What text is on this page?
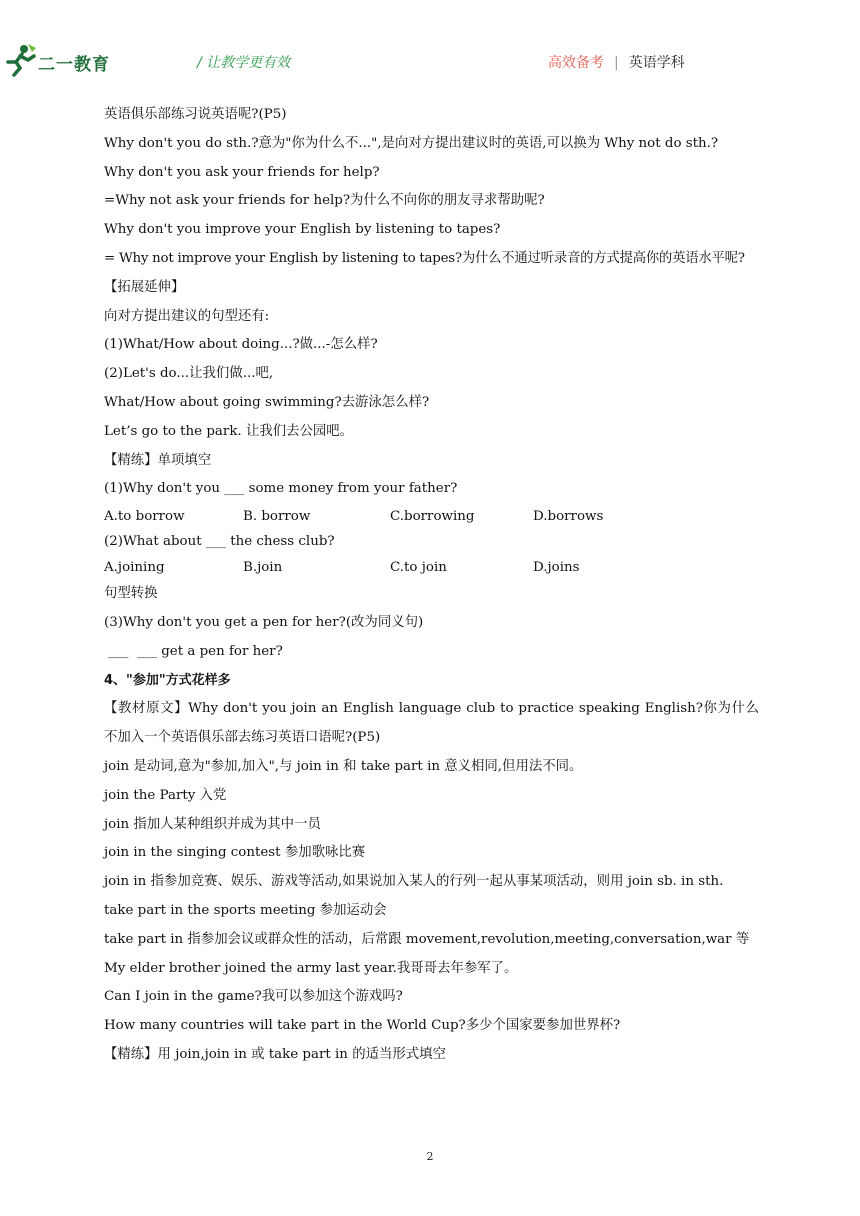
二一教育	/ 让教学更有效	高效备考 | 英语学科
英语俱乐部练习说英语呢?(P5)
Why don't you do sth.?意为"你为什么不...",是向对方提出建议时的英语,可以换为 Why not do sth.?
Why don't you ask your friends for help?
=Why not ask your friends for help?为什么不向你的朋友寻求帮助呢?
Why don't you improve your English by listening to tapes?
= Why not improve your English by listening to tapes?为什么不通过听录音的方式提高你的英语水平呢?
【拓展延伸】
向对方提出建议的句型还有:
(1)What/How about doing...?做...-怎么样?
(2)Let's do...让我们做...吧,
What/How about going swimming?去游泳怎么样?
Let’s go to the park. 让我们去公园吧。
【精练】单项填空
(1)Why don't you ___ some money from your father?
A.to borrow	B. borrow	C.borrowing	D.borrows
(2)What about ___ the chess club?
A.joining	B.join	C.to join	D.joins
句型转换
(3)Why don't you get a pen for her?(改为同义句)
___  ___ get a pen for her?
4、"参加"方式花样多
【教材原文】Why don't you join an English language club to practice speaking English?你为什么不加入一个英语俱乐部去练习英语口语呢?(P5)
join 是动词,意为"参加,加入",与 join in 和 take part in 意义相同,但用法不同。
join the Party 入党
join 指加人某种组织并成为其中一员
join in the singing contest 参加歌咏比赛
join in 指参加竞赛、娱乐、游戏等活动,如果说加入某人的行列一起从事某项活动，则用 join sb. in sth.
take part in the sports meeting 参加运动会
take part in 指参加会议或群众性的活动，后常跟 movement,revolution,meeting,conversation,war 等
My elder brother joined the army last year.我哥哥去年参军了。
Can I join in the game?我可以参加这个游戏吗?
How many countries will take part in the World Cup?多少个国家要参加世界杯?
【精练】用 join,join in 或 take part in 的适当形式填空
2
